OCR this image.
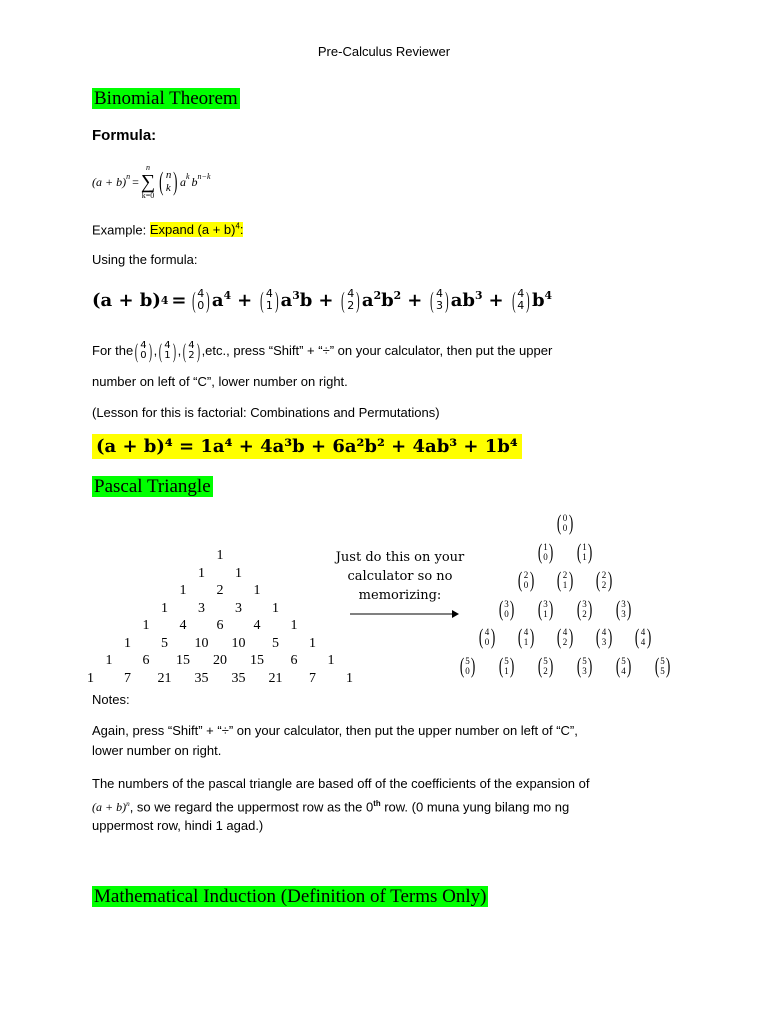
Pre-Calculus Reviewer
Binomial Theorem
Formula:
$(a + b)^n$ =
n
∑
k=0 ( n
k ) $a^k$ $b^{n-k}$
Example: Expand $(a + b)^4$:
Using the formula:
(a + b) 4 = ( 4
0 ) $a^4$ + ( 4
1 ) $a^3b$ + ( 4
2 ) $a^2b^2$ + ( 4
3 ) $ab^3$ + ( 4
4 ) $b^4$
For the ( 4
0 ) , ( 4
1 ) , ( 4
2 ) ,etc., press “Shift” + “÷” on your calculator, then put the upper
number on left of “C”, lower number on right.
(Lesson for this is factorial: Combinations and Permutations)
(a + b)⁴ = 1a⁴ + 4a³b + 6a²b² + 4ab³ + 1b⁴
Pascal Triangle
1
1 1
1 2 1
1 3 3 1
1 4 6 4 1
1 5 10 10 5 1
1 6 15 20 15 6 1
1 7 21 35 35 21 7 1
Just do this on your
calculator so no
memorizing:
( 0
0 )
( 1
0 ) ( 1
1 )
( 2
0 ) ( 2
1 ) ( 2
2 )
( 3
0 ) ( 3
1 ) ( 3
2 ) ( 3
3 )
( 4
0 ) ( 4
1 ) ( 4
2 ) ( 4
3 ) ( 4
4 )
( 5
0 ) ( 5
1 ) ( 5
2 ) ( 5
3 ) ( 5
4 ) ( 5
5 )
Notes:
Again, press “Shift” + “÷” on your calculator, then put the upper number on left of “C”,
lower number on right.
The numbers of the pascal triangle are based off of the coefficients of the expansion of
$(a + b)^n$, so we regard the uppermost row as the 0th row. (0 muna yung bilang mo ng
uppermost row, hindi 1 agad.)
Mathematical Induction (Definition of Terms Only)
